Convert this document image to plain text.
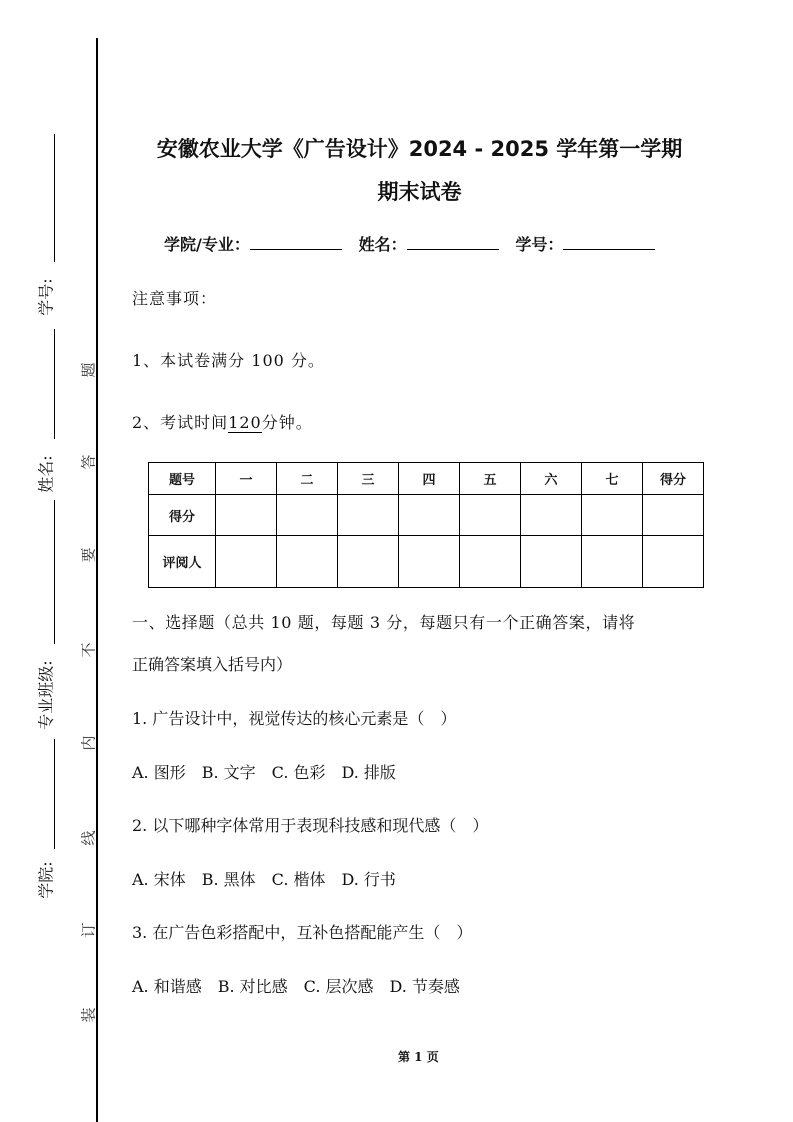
学号:
姓名:
专业班级:
学院:
题
答
要
不
内
线
订
装
安徽农业大学《广告设计》2024 - 2025 学年第一学期
期末试卷
学院/专业：	姓名：	学号：
注意事项：
1、本试卷满分 100 分。
2、考试时间120分钟。
题号	一	二	三	四	五	六	七	得分
得分								
评阅人								
一、选择题（总共 10 题，每题 3 分，每题只有一个正确答案，请将
正确答案填入括号内）
1. 广告设计中，视觉传达的核心元素是（　）
A. 图形　B. 文字　C. 色彩　D. 排版
2. 以下哪种字体常用于表现科技感和现代感（　）
A. 宋体　B. 黑体　C. 楷体　D. 行书
3. 在广告色彩搭配中，互补色搭配能产生（　）
A. 和谐感　B. 对比感　C. 层次感　D. 节奏感
第 1 页
